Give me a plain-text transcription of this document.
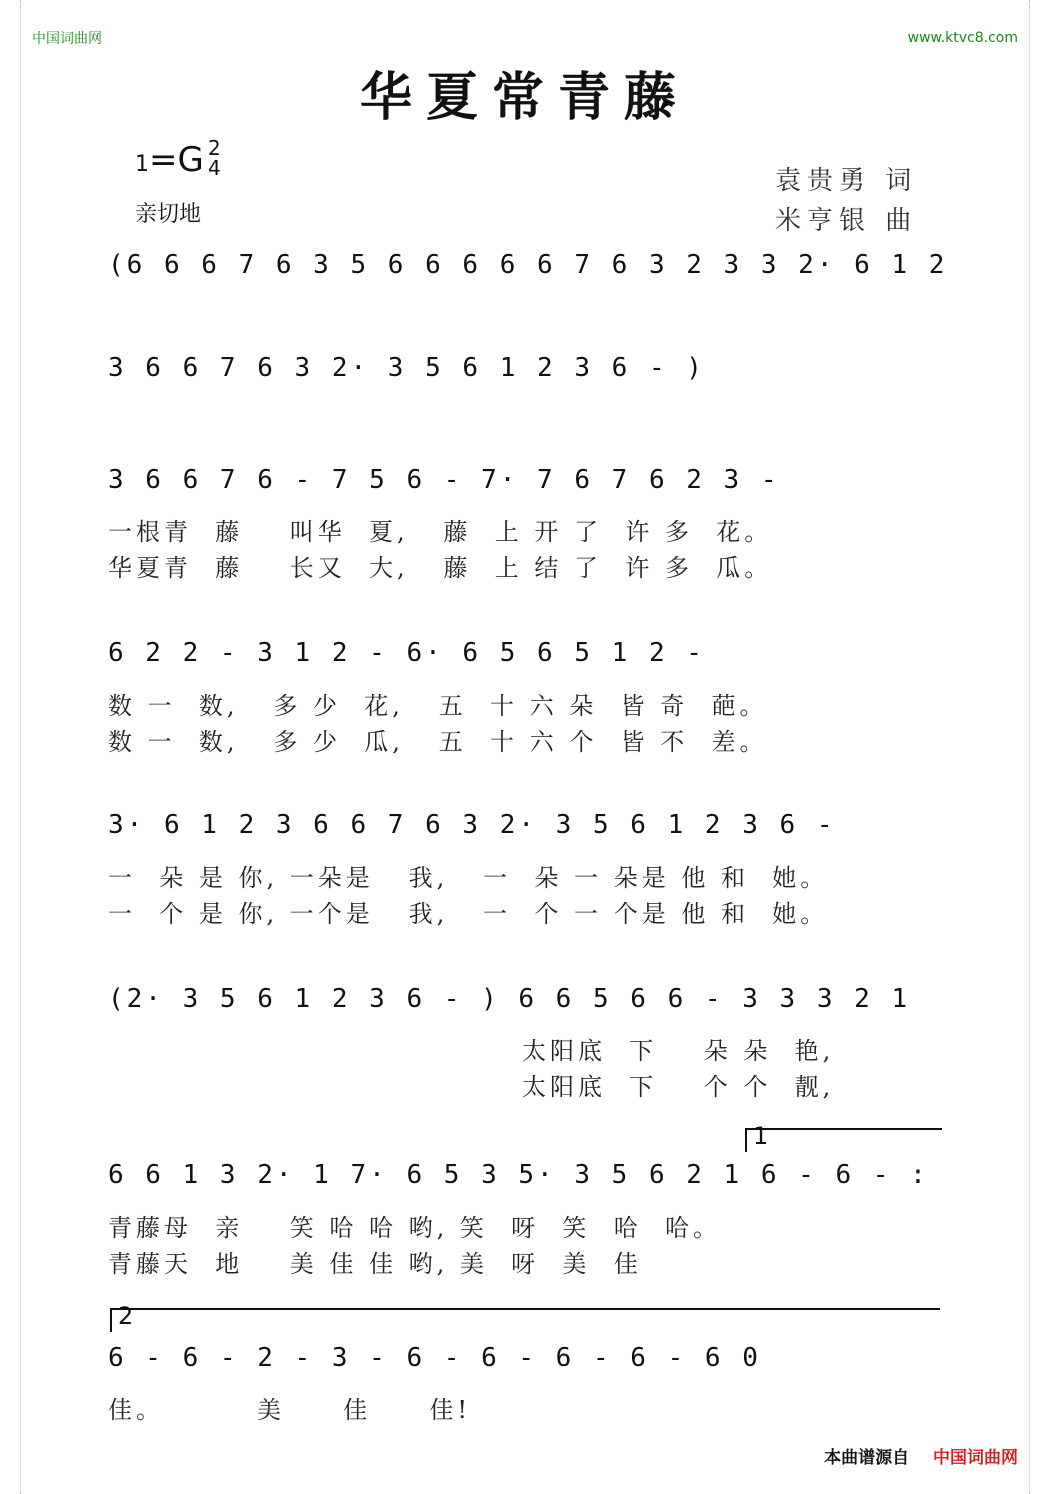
中国词曲网	www.ktvc8.com
华夏常青藤
1=G 2
4
亲切地
袁贵勇 词
米亨银 曲
(6 6 6 7 6 3 5 6 6 6 6 6 7 6 3 2 3 3 2· 6 1 2
3 6 6 7 6 3 2· 3 5 6 1 2 3 6 - )
3 6 6 7 6 - 7 5 6 - 7· 7 6 7 6 2 3 -
一根青  藤    叫华  夏,   藤  上 开 了  许 多  花。
华夏青  藤    长又  大,   藤  上 结 了  许 多  瓜。
6 2 2 - 3 1 2 - 6· 6 5 6 5 1 2 -
数 一  数,   多 少  花,   五  十 六 朵  皆 奇  葩。
数 一  数,   多 少  瓜,   五  十 六 个  皆 不  差。
3· 6 1 2 3 6 6 7 6 3 2· 3 5 6 1 2 3 6 -
一  朵 是 你, 一朵是   我,   一  朵 一 朵是 他 和  她。
一  个 是 你, 一个是   我,   一  个 一 个是 他 和  她。
(2· 3 5 6 1 2 3 6 - ) 6 6 5 6 6 - 3 3 3 2 1
太阳底  下    朵 朵  艳,
太阳底  下    个 个  靓,
1
6 6 1 3 2· 1 7· 6 5 3 5· 3 5 6 2 1 6 - 6 - :
青藤母  亲    笑 哈 哈 哟, 笑  呀  笑  哈  哈。
青藤天  地    美 佳 佳 哟, 美  呀  美  佳
2
6 - 6 - 2 - 3 - 6 - 6 - 6 - 6 - 6 0
佳。        美     佳     佳!
本曲谱源自 中国词曲网
